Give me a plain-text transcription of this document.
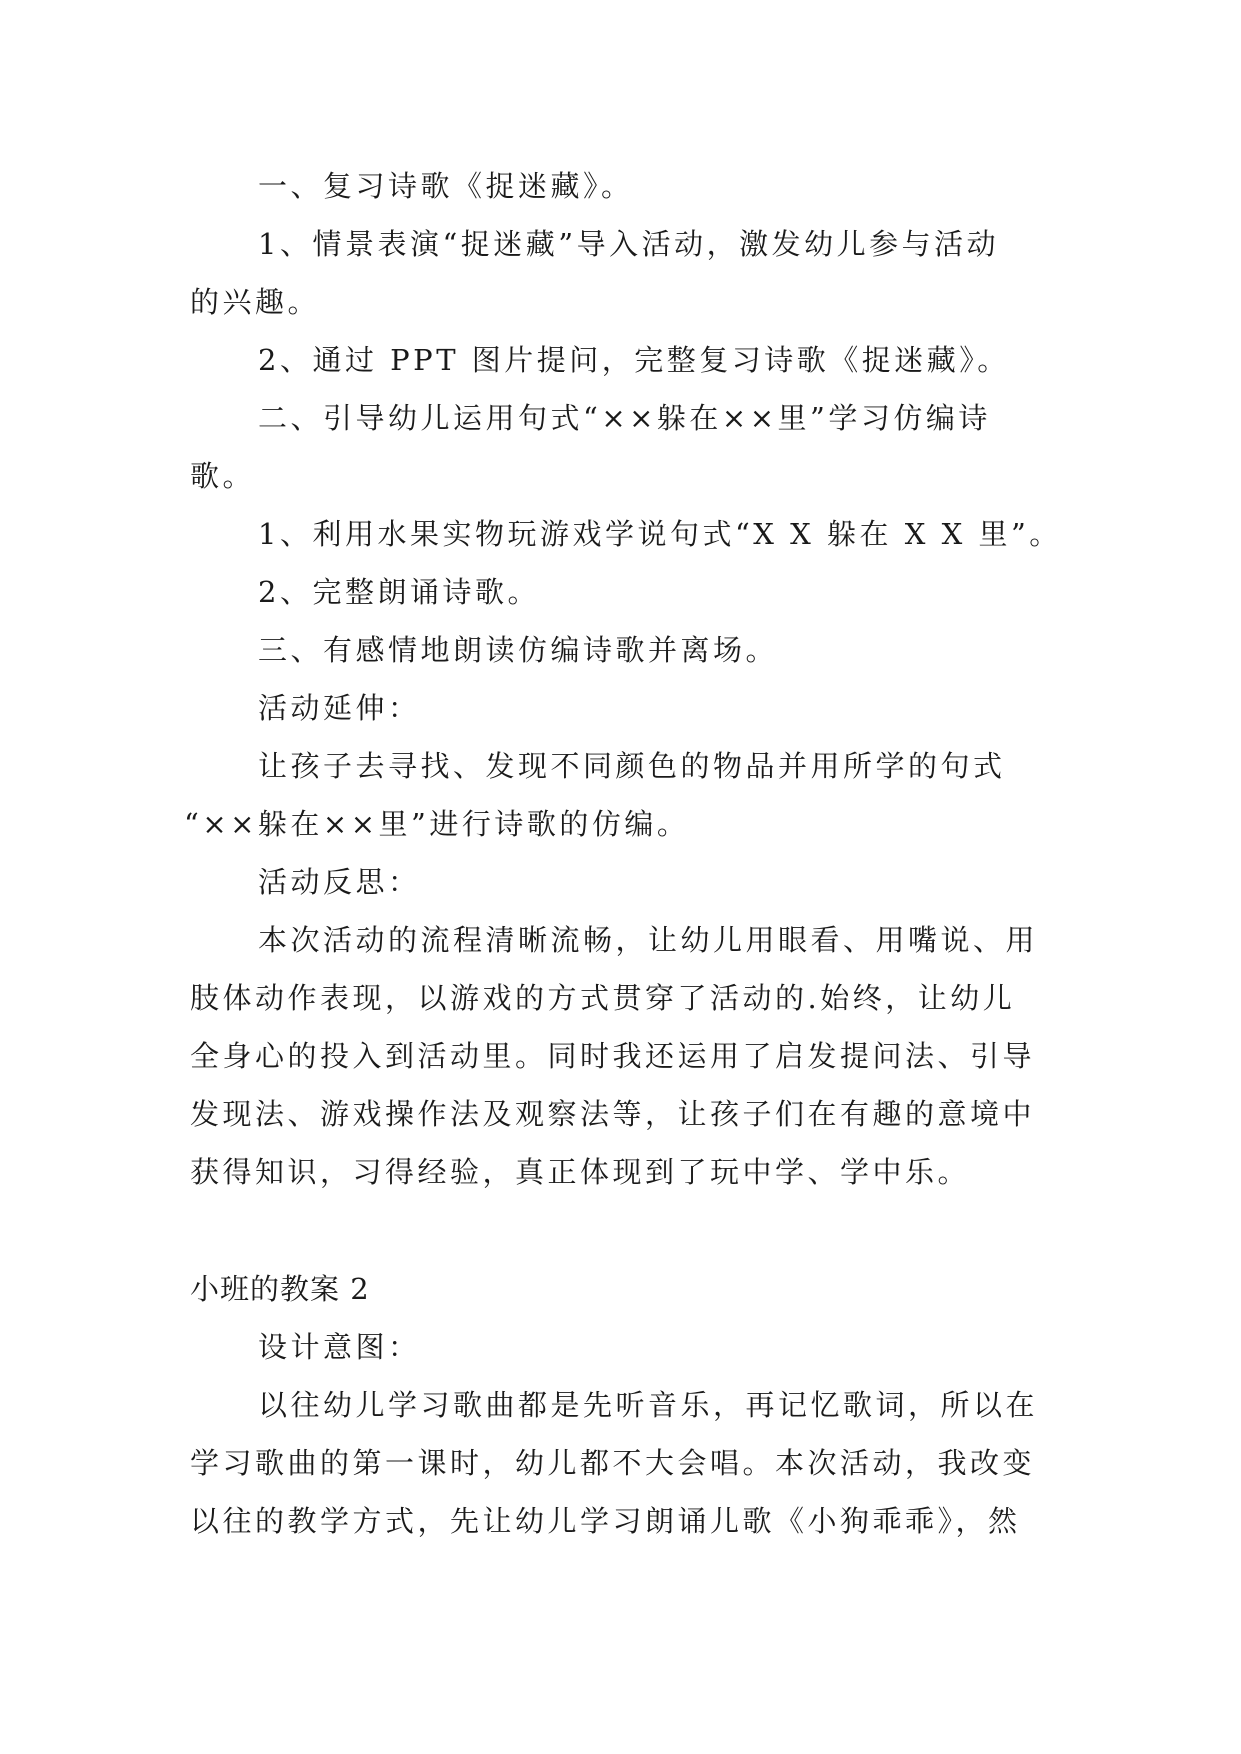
一、复习诗歌《捉迷藏》。
1、情景表演“捉迷藏”导入活动，激发幼儿参与活动
的兴趣。
2、通过 PPT 图片提问，完整复习诗歌《捉迷藏》。
二、引导幼儿运用句式“××躲在××里”学习仿编诗
歌。
1、利用水果实物玩游戏学说句式“X X 躲在 X X 里”。
2、完整朗诵诗歌。
三、有感情地朗读仿编诗歌并离场。
活动延伸：
让孩子去寻找、发现不同颜色的物品并用所学的句式
“××躲在××里”进行诗歌的仿编。
活动反思：
本次活动的流程清晰流畅，让幼儿用眼看、用嘴说、用
肢体动作表现，以游戏的方式贯穿了活动的.始终，让幼儿
全身心的投入到活动里。同时我还运用了启发提问法、引导
发现法、游戏操作法及观察法等，让孩子们在有趣的意境中
获得知识，习得经验，真正体现到了玩中学、学中乐。
小班的教案 2
设计意图：
以往幼儿学习歌曲都是先听音乐，再记忆歌词，所以在
学习歌曲的第一课时，幼儿都不大会唱。本次活动，我改变
以往的教学方式，先让幼儿学习朗诵儿歌《小狗乖乖》，然
